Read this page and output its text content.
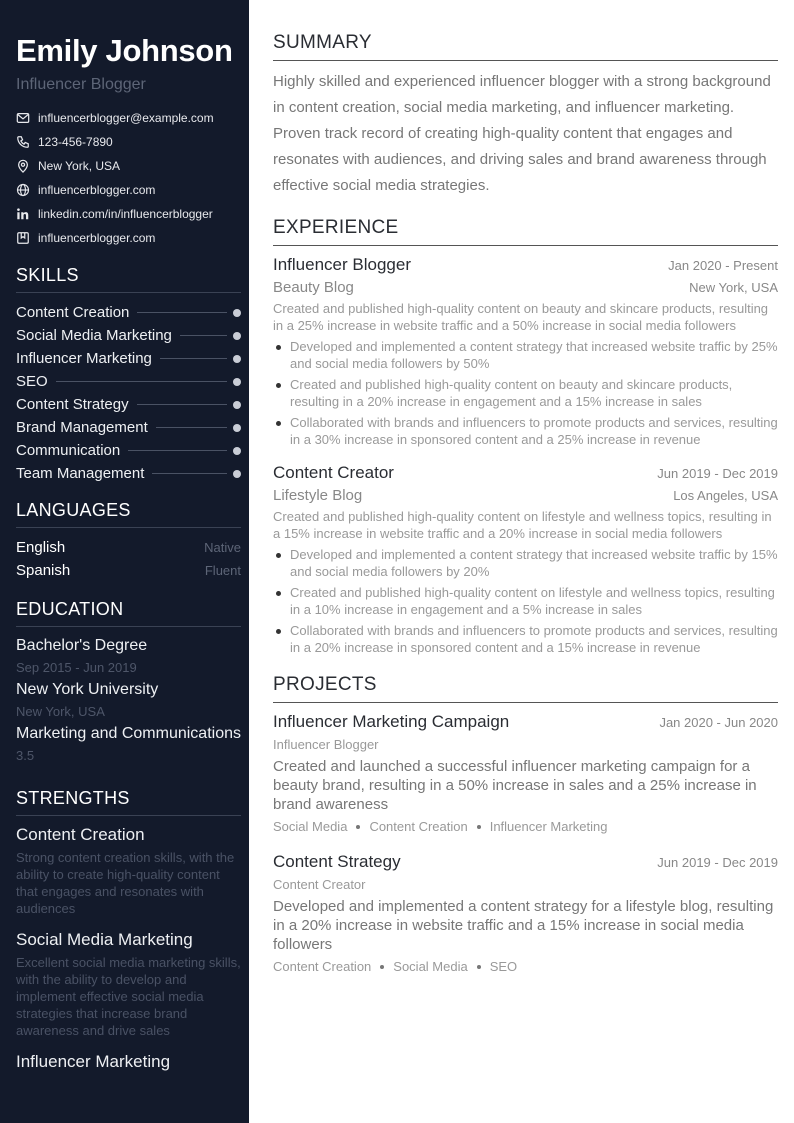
Emily Johnson
Influencer Blogger
influencerblogger@example.com
123-456-7890
New York, USA
influencerblogger.com
linkedin.com/in/influencerblogger
influencerblogger.com
SKILLS
Content Creation
Social Media Marketing
Influencer Marketing
SEO
Content Strategy
Brand Management
Communication
Team Management
LANGUAGES
English	Native
Spanish	Fluent
EDUCATION
Bachelor's Degree
Sep 2015 - Jun 2019
New York University
New York, USA
Marketing and Communications
3.5
STRENGTHS
Content Creation
Strong content creation skills, with the ability to create high-quality content that engages and resonates with audiences
Social Media Marketing
Excellent social media marketing skills, with the ability to develop and implement effective social media strategies that increase brand awareness and drive sales
Influencer Marketing
SUMMARY

Highly skilled and experienced influencer blogger with a strong background in content creation, social media marketing, and influencer marketing. Proven track record of creating high-quality content that engages and resonates with audiences, and driving sales and brand awareness through effective social media strategies.

EXPERIENCE
Influencer Blogger	Jan 2020 - Present
Beauty Blog	New York, USA

Created and published high-quality content on beauty and skincare products, resulting in a 25% increase in website traffic and a 50% increase in social media followers

Developed and implemented a content strategy that increased website traffic by 25% and social media followers by 50%
Created and published high-quality content on beauty and skincare products, resulting in a 20% increase in engagement and a 15% increase in sales
Collaborated with brands and influencers to promote products and services, resulting in a 30% increase in sponsored content and a 25% increase in revenue
Content Creator	Jun 2019 - Dec 2019
Lifestyle Blog	Los Angeles, USA

Created and published high-quality content on lifestyle and wellness topics, resulting in a 15% increase in website traffic and a 20% increase in social media followers

Developed and implemented a content strategy that increased website traffic by 15% and social media followers by 20%
Created and published high-quality content on lifestyle and wellness topics, resulting in a 10% increase in engagement and a 5% increase in sales
Collaborated with brands and influencers to promote products and services, resulting in a 20% increase in sponsored content and a 15% increase in revenue
PROJECTS
Influencer Marketing Campaign	Jan 2020 - Jun 2020
Influencer Blogger

Created and launched a successful influencer marketing campaign for a beauty brand, resulting in a 50% increase in sales and a 25% increase in brand awareness

Social Media Content Creation Influencer Marketing
Content Strategy	Jun 2019 - Dec 2019
Content Creator

Developed and implemented a content strategy for a lifestyle blog, resulting in a 20% increase in website traffic and a 15% increase in social media followers

Content Creation Social Media SEO
